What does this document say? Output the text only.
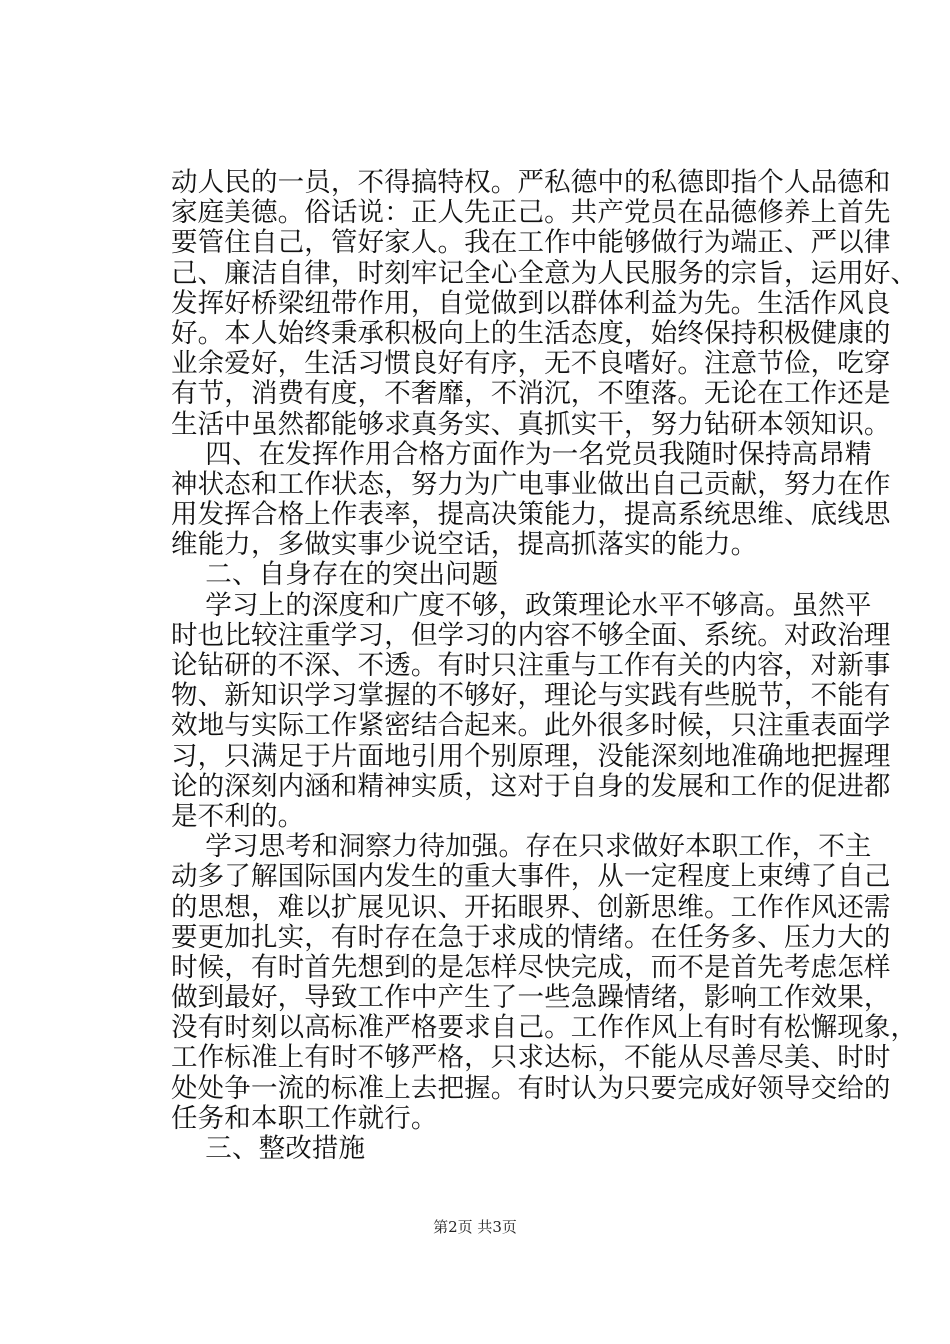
动人民的一员，不得搞特权。严私德中的私德即指个人品德和
家庭美德。俗话说：正人先正己。共产党员在品德修养上首先
要管住自己，管好家人。我在工作中能够做行为端正、严以律
己、廉洁自律，时刻牢记全心全意为人民服务的宗旨，运用好、
发挥好桥梁纽带作用，自觉做到以群体利益为先。生活作风良
好。本人始终秉承积极向上的生活态度，始终保持积极健康的
业余爱好，生活习惯良好有序，无不良嗜好。注意节俭，吃穿
有节，消费有度，不奢靡，不消沉，不堕落。无论在工作还是
生活中虽然都能够求真务实、真抓实干，努力钻研本领知识。
四、在发挥作用合格方面作为一名党员我随时保持高昂精
神状态和工作状态，努力为广电事业做出自己贡献，努力在作
用发挥合格上作表率，提高决策能力，提高系统思维、底线思
维能力，多做实事少说空话，提高抓落实的能力。
二、自身存在的突出问题
学习上的深度和广度不够，政策理论水平不够高。虽然平
时也比较注重学习，但学习的内容不够全面、系统。对政治理
论钻研的不深、不透。有时只注重与工作有关的内容，对新事
物、新知识学习掌握的不够好，理论与实践有些脱节，不能有
效地与实际工作紧密结合起来。此外很多时候，只注重表面学
习，只满足于片面地引用个别原理，没能深刻地准确地把握理
论的深刻内涵和精神实质，这对于自身的发展和工作的促进都
是不利的。
学习思考和洞察力待加强。存在只求做好本职工作，不主
动多了解国际国内发生的重大事件，从一定程度上束缚了自己
的思想，难以扩展见识、开拓眼界、创新思维。工作作风还需
要更加扎实，有时存在急于求成的情绪。在任务多、压力大的
时候，有时首先想到的是怎样尽快完成，而不是首先考虑怎样
做到最好，导致工作中产生了一些急躁情绪，影响工作效果，
没有时刻以高标准严格要求自己。工作作风上有时有松懈现象，
工作标准上有时不够严格，只求达标，不能从尽善尽美、时时
处处争一流的标准上去把握。有时认为只要完成好领导交给的
任务和本职工作就行。
三、整改措施
第2页 共3页
